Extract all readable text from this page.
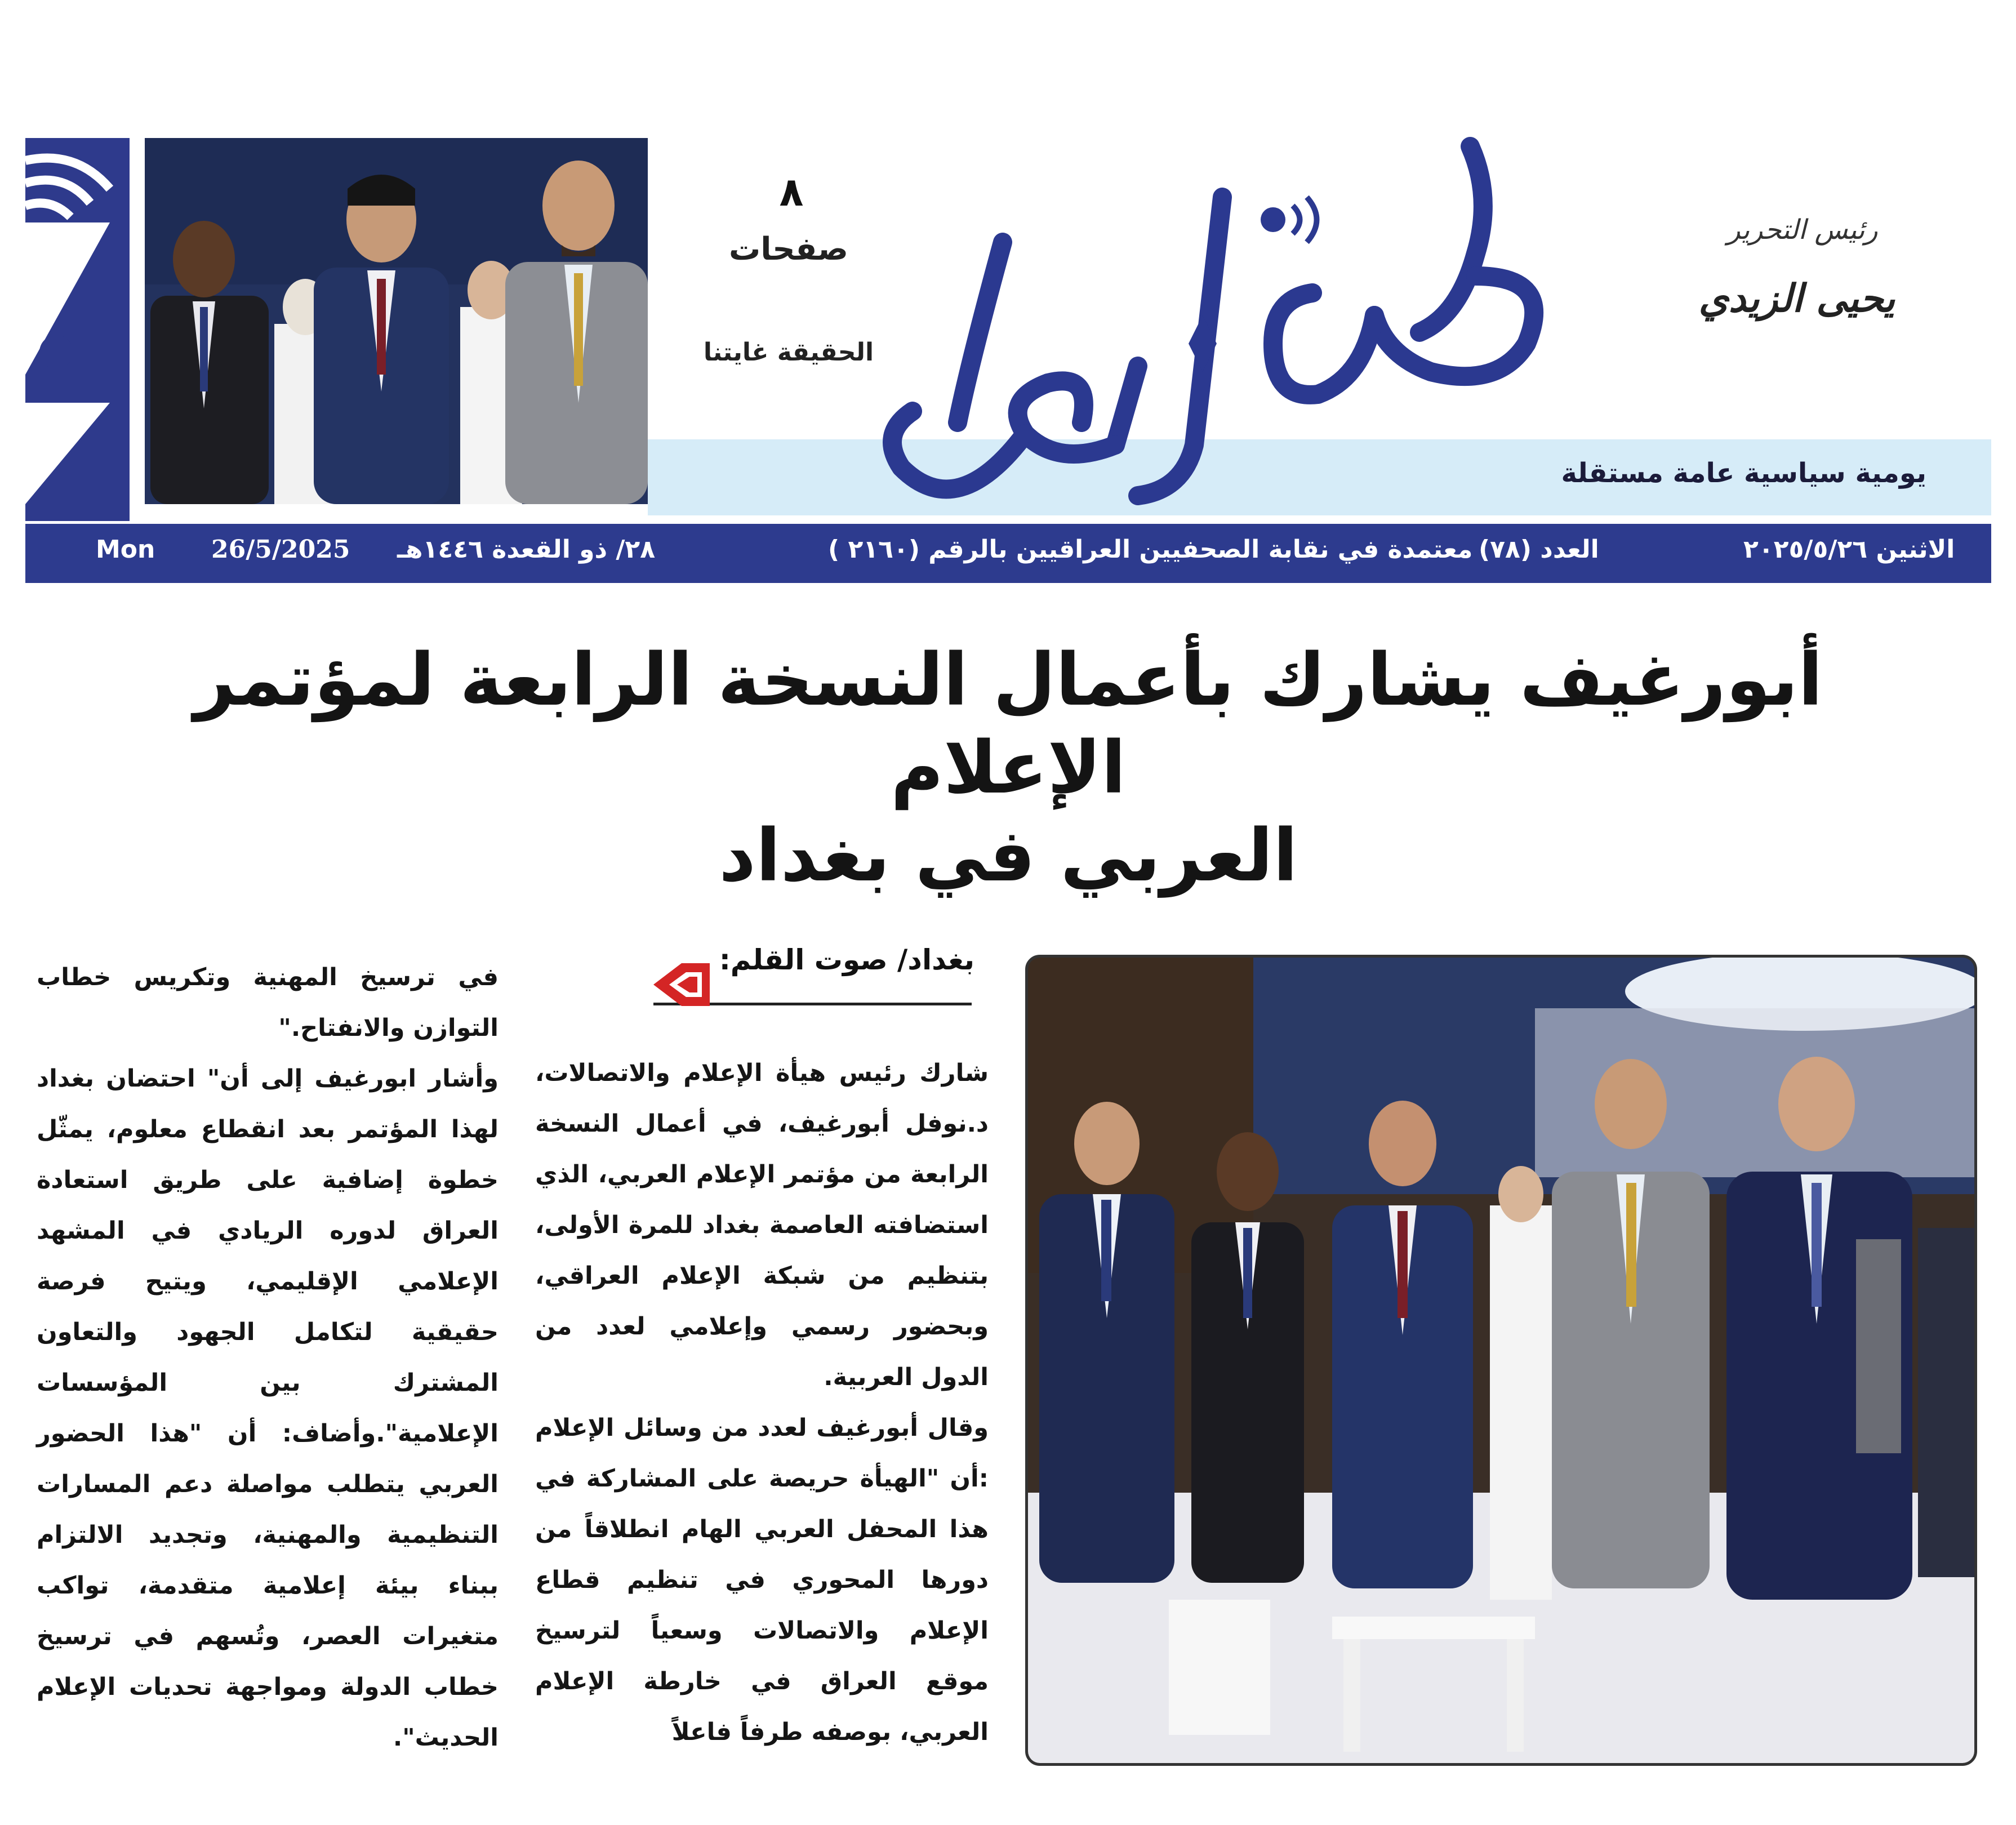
٨
صفحات
الحقيقة غايتنا
رئيس التحرير
يحيى الزيدي
يومية سياسية عامة مستقلة
Mon 26/5/2025 ٢٨/ ذو القعدة ١٤٤٦هـ	معتمدة في نقابة الصحفيين العراقيين بالرقم (٢١٦٠ ) العدد (٧٨)	الاثنين ٢٠٢٥/٥/٢٦
أبورغيف يشارك بأعمال النسخة الرابعة لمؤتمر الإعلام
العربي في بغداد
بغداد/ صوت القلم:

شارك رئيس هيأة الإعلام والاتصالات، د.نوفل أبورغيف، في أعمال النسخة الرابعة من مؤتمر الإعلام العربي، الذي استضافته العاصمة بغداد للمرة الأولى، بتنظيم من شبكة الإعلام العراقي، وبحضور رسمي وإعلامي لعدد من الدول العربية.

وقال أبورغيف لعدد من وسائل الإعلام :أن "الهيأة حريصة على المشاركة في هذا المحفل العربي الهام انطلاقاً من دورها المحوري في تنظيم قطاع الإعلام والاتصالات وسعياً لترسيخ موقع العراق في خارطة الإعلام العربي، بوصفه طرفاً فاعلاً

في ترسيخ المهنية وتكريس خطاب التوازن والانفتاح."

وأشار ابورغيف إلى أن" احتضان بغداد لهذا المؤتمر بعد انقطاع معلوم، يمثّل خطوة إضافية على طريق استعادة العراق لدوره الريادي في المشهد الإعلامي الإقليمي، ويتيح فرصة حقيقية لتكامل الجهود والتعاون المشترك بين المؤسسات الإعلامية".وأضاف: أن "هذا الحضور العربي يتطلب مواصلة دعم المسارات التنظيمية والمهنية، وتجديد الالتزام ببناء بيئة إعلامية متقدمة، تواكب متغيرات العصر، وتُسهم في ترسيخ خطاب الدولة ومواجهة تحديات الإعلام الحديث".
